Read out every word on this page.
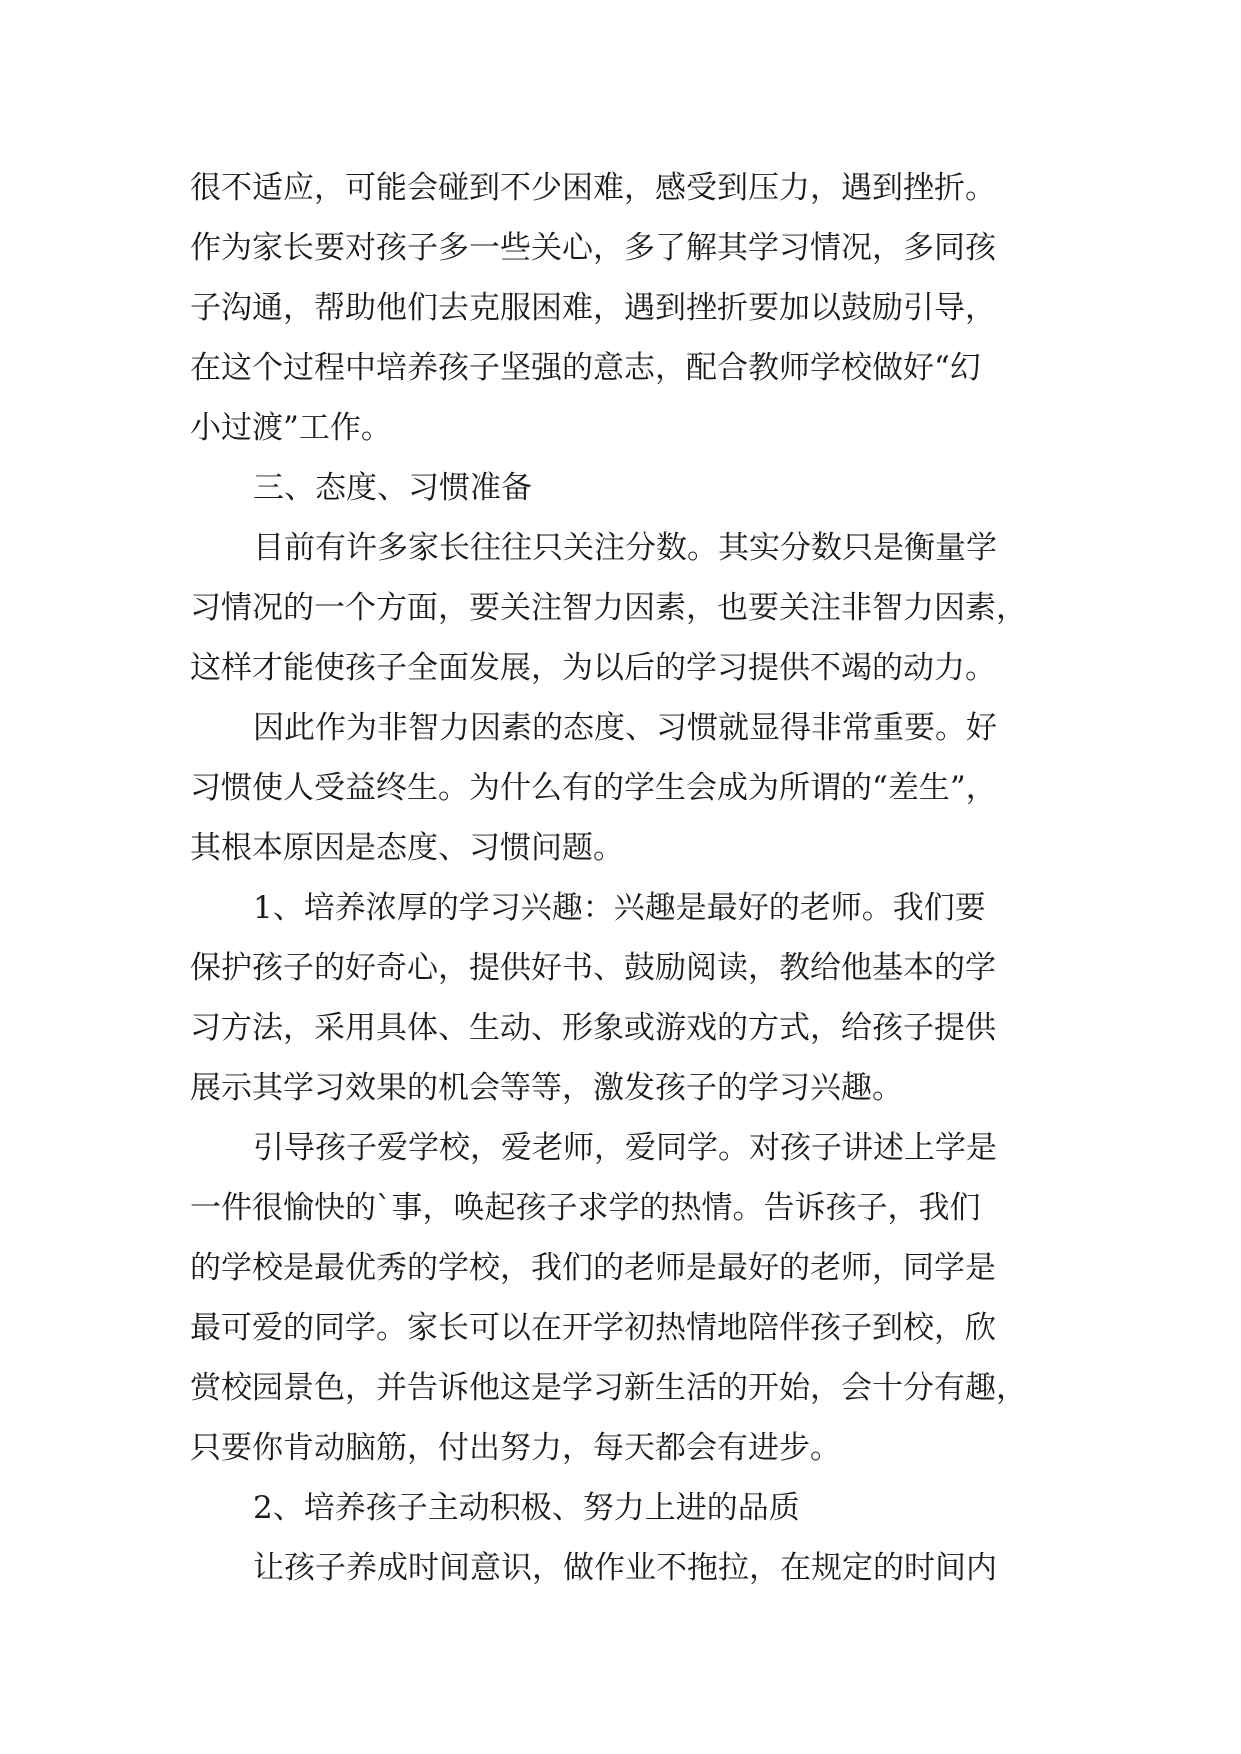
很不适应，可能会碰到不少困难，感受到压力，遇到挫折。
作为家长要对孩子多一些关心，多了解其学习情况，多同孩
子沟通，帮助他们去克服困难，遇到挫折要加以鼓励引导，
在这个过程中培养孩子坚强的意志，配合教师学校做好“幻
小过渡”工作。
三、态度、习惯准备
目前有许多家长往往只关注分数。其实分数只是衡量学
习情况的一个方面，要关注智力因素，也要关注非智力因素，
这样才能使孩子全面发展，为以后的学习提供不竭的动力。
因此作为非智力因素的态度、习惯就显得非常重要。好
习惯使人受益终生。为什么有的学生会成为所谓的“差生”，
其根本原因是态度、习惯问题。
1、培养浓厚的学习兴趣：兴趣是最好的老师。我们要
保护孩子的好奇心，提供好书、鼓励阅读，教给他基本的学
习方法，采用具体、生动、形象或游戏的方式，给孩子提供
展示其学习效果的机会等等，激发孩子的学习兴趣。
引导孩子爱学校，爱老师，爱同学。对孩子讲述上学是
一件很愉快的`事，唤起孩子求学的热情。告诉孩子，我们
的学校是最优秀的学校，我们的老师是最好的老师，同学是
最可爱的同学。家长可以在开学初热情地陪伴孩子到校，欣
赏校园景色，并告诉他这是学习新生活的开始，会十分有趣，
只要你肯动脑筋，付出努力，每天都会有进步。
2、培养孩子主动积极、努力上进的品质
让孩子养成时间意识，做作业不拖拉，在规定的时间内
